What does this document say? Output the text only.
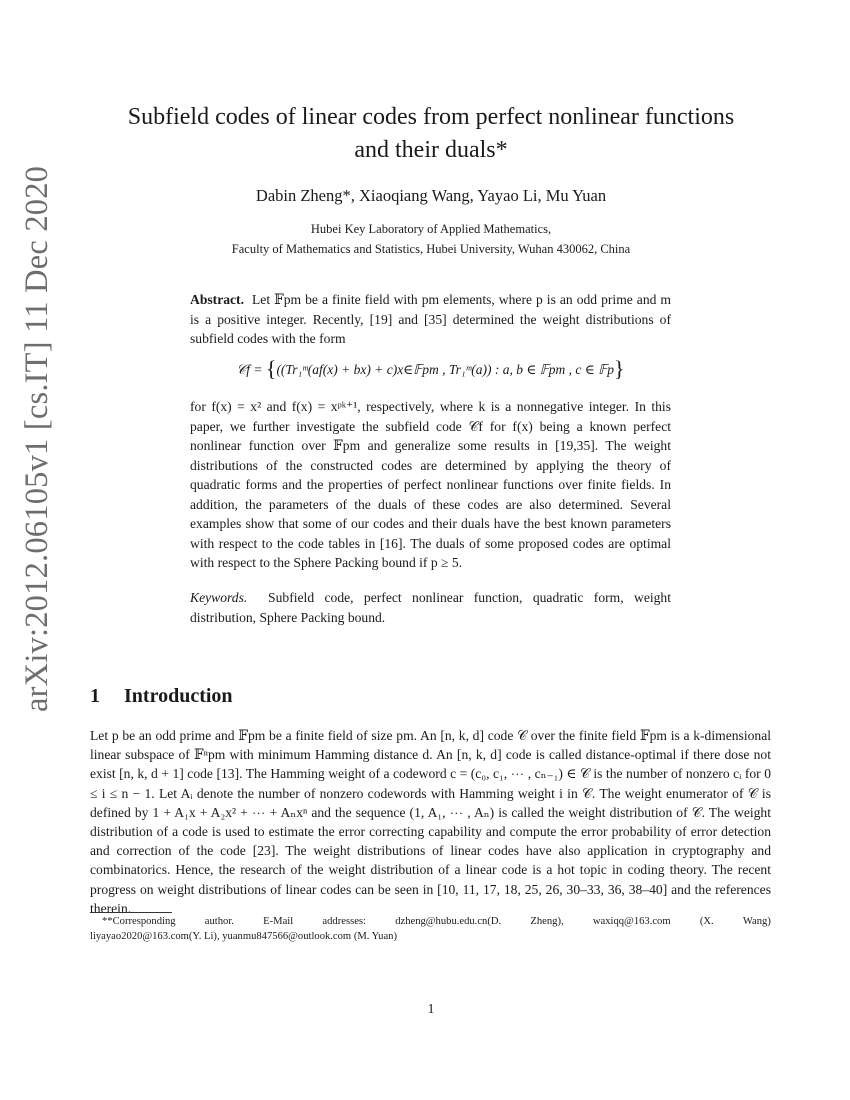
arXiv:2012.06105v1 [cs.IT] 11 Dec 2020
Subfield codes of linear codes from perfect nonlinear functions
and their duals*
Dabin Zheng*, Xiaoqiang Wang, Yayao Li, Mu Yuan
Hubei Key Laboratory of Applied Mathematics,
Faculty of Mathematics and Statistics, Hubei University, Wuhan 430062, China

Abstract. Let 𝔽pm be a finite field with pm elements, where p is an odd prime and m is a positive integer. Recently, [19] and [35] determined the weight distributions of subfield codes with the form

𝒞f = {((Tr₁ᵐ(af(x) + bx) + c)x∈𝔽pm , Tr₁ᵐ(a)) : a, b ∈ 𝔽pm , c ∈ 𝔽p}

for f(x) = x² and f(x) = xᵖᵏ⁺¹, respectively, where k is a nonnegative integer. In this paper, we further investigate the subfield code 𝒞f for f(x) being a known perfect nonlinear function over 𝔽pm and generalize some results in [19,35]. The weight distributions of the constructed codes are determined by applying the theory of quadratic forms and the properties of perfect nonlinear functions over finite fields. In addition, the parameters of the duals of these codes are also determined. Several examples show that some of our codes and their duals have the best known parameters with respect to the code tables in [16]. The duals of some proposed codes are optimal with respect to the Sphere Packing bound if p ≥ 5.

Keywords. Subfield code, perfect nonlinear function, quadratic form, weight distribution, Sphere Packing bound.
1 Introduction
Let p be an odd prime and 𝔽pm be a finite field of size pm. An [n, k, d] code 𝒞 over the finite field 𝔽pm is a k-dimensional linear subspace of 𝔽ⁿpm with minimum Hamming distance d. An [n, k, d] code is called distance-optimal if there dose not exist [n, k, d + 1] code [13]. The Hamming weight of a codeword c = (c₀, c₁, ⋯ , cₙ₋₁) ∈ 𝒞 is the number of nonzero cᵢ for 0 ≤ i ≤ n − 1. Let Aᵢ denote the number of nonzero codewords with Hamming weight i in 𝒞. The weight enumerator of 𝒞 is defined by 1 + A₁x + A₂x² + ⋯ + Aₙxⁿ and the sequence (1, A₁, ⋯ , Aₙ) is called the weight distribution of 𝒞. The weight distribution of a code is used to estimate the error correcting capability and compute the error probability of error detection and correction of the code [23]. The weight distributions of linear codes have also application in cryptography and combinatorics. Hence, the research of the weight distribution of a linear code is a hot topic in coding theory. The recent progress on weight distributions of linear codes can be seen in [10, 11, 17, 18, 25, 26, 30–33, 36, 38–40] and the references therein.
**Corresponding	author.	E-Mail	addresses:	dzheng@hubu.edu.cn(D.	Zheng),	waxiqq@163.com	(X.	Wang)
liyayao2020@163.com(Y. Li), yuanmu847566@outlook.com (M. Yuan)
1
